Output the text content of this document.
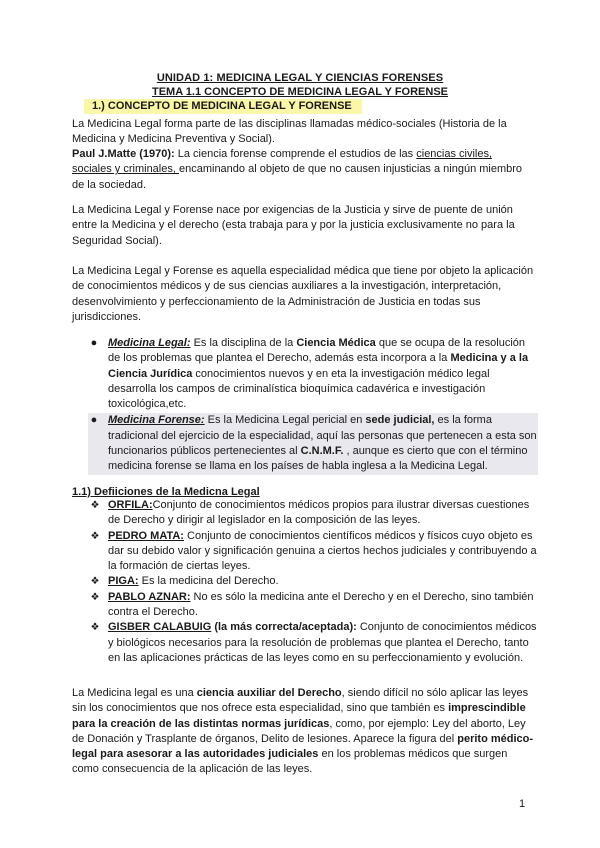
UNIDAD 1: MEDICINA LEGAL Y CIENCIAS FORENSES
TEMA 1.1 CONCEPTO DE MEDICINA LEGAL Y FORENSE
1.) CONCEPTO DE MEDICINA LEGAL Y FORENSE

La Medicina Legal forma parte de las disciplinas llamadas médico-sociales (Historia de la Medicina y Medicina Preventiva y Social).

Paul J.Matte (1970): La ciencia forense comprende el estudios de las ciencias civiles, sociales y criminales, encaminando al objeto de que no causen injusticias a ningún miembro de la sociedad.

La Medicina Legal y Forense nace por exigencias de la Justicia y sirve de puente de unión entre la Medicina y el derecho (esta trabaja para y por la justicia exclusivamente no para la Seguridad Social).

La Medicina Legal y Forense es aquella especialidad médica que tiene por objeto la aplicación de conocimientos médicos y de sus ciencias auxiliares a la investigación, interpretación, desenvolvimiento y perfeccionamiento de la Administración de Justicia en todas sus jurisdicciones.

● Medicina Legal: Es la disciplina de la Ciencia Médica que se ocupa de la resolución de los problemas que plantea el Derecho, además esta incorpora a la Medicina y a la Ciencia Jurídica conocimientos nuevos y en eta la investigación médico legal desarrolla los campos de criminalística bioquímica cadavérica e investigación toxicológica,etc.
● Medicina Forense: Es la Medicina Legal pericial en sede judicial, es la forma tradicional del ejercicio de la especialidad, aquí las personas que pertenecen a esta son funcionarios públicos pertenecientes al C.N.M.F. , aunque es cierto que con el término medicina forense se llama en los países de habla inglesa a la Medicina Legal.
1.1) Defiiciones de la Medicna Legal
❖ ORFILA:Conjunto de conocimientos médicos propios para ilustrar diversas cuestiones de Derecho y dirigir al legislador en la composición de las leyes.
❖ PEDRO MATA: Conjunto de conocimientos científicos médicos y físicos cuyo objeto es dar su debido valor y significación genuina a ciertos hechos judiciales y contribuyendo a la formación de ciertas leyes.
❖ PIGA: Es la medicina del Derecho.
❖ PABLO AZNAR: No es sólo la medicina ante el Derecho y en el Derecho, sino también contra el Derecho.
❖ GISBER CALABUIG (la más correcta/aceptada): Conjunto de conocimientos médicos y biológicos necesarios para la resolución de problemas que plantea el Derecho, tanto en las aplicaciones prácticas de las leyes como en su perfeccionamiento y evolución.

La Medicina legal es una ciencia auxiliar del Derecho, siendo difícil no sólo aplicar las leyes sin los conocimientos que nos ofrece esta especialidad, sino que también es imprescindible para la creación de las distintas normas jurídicas, como, por ejemplo: Ley del aborto, Ley de Donación y Trasplante de órganos, Delito de lesiones. Aparece la figura del perito médico-legal para asesorar a las autoridades judiciales en los problemas médicos que surgen como consecuencia de la aplicación de las leyes.

1
